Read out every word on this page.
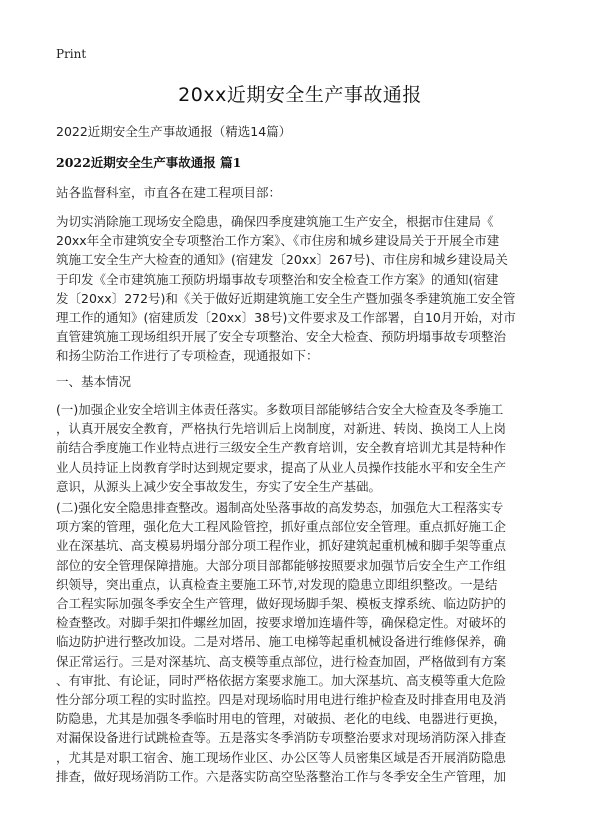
Print
20xx近期安全生产事故通报
2022近期安全生产事故通报（精选14篇）
2022近期安全生产事故通报 篇1
站各监督科室，市直各在建工程项目部：
为切实消除施工现场安全隐患，确保四季度建筑施工生产安全，根据市住建局《
20xx年全市建筑安全专项整治工作方案》、《市住房和城乡建设局关于开展全市建
筑施工安全生产大检查的通知》(宿建发〔20xx〕267号)、市住房和城乡建设局关
于印发《全市建筑施工预防坍塌事故专项整治和安全检查工作方案》的通知(宿建
发〔20xx〕272号)和《关于做好近期建筑施工安全生产暨加强冬季建筑施工安全管
理工作的通知》(宿建质发〔20xx〕38号)文件要求及工作部署，自10月开始，对市
直管建筑施工现场组织开展了安全专项整治、安全大检查、预防坍塌事故专项整治
和扬尘防治工作进行了专项检查，现通报如下：
一、基本情况
(一)加强企业安全培训主体责任落实。多数项目部能够结合安全大检查及冬季施工
，认真开展安全教育，严格执行先培训后上岗制度，对新进、转岗、换岗工人上岗
前结合季度施工作业特点进行三级安全生产教育培训，安全教育培训尤其是特种作
业人员持证上岗教育学时达到规定要求，提高了从业人员操作技能水平和安全生产
意识，从源头上减少安全事故发生，夯实了安全生产基础。
(二)强化安全隐患排查整改。遏制高处坠落事故的高发势态，加强危大工程落实专
项方案的管理，强化危大工程风险管控，抓好重点部位安全管理。重点抓好施工企
业在深基坑、高支模易坍塌分部分项工程作业，抓好建筑起重机械和脚手架等重点
部位的安全管理保障措施。大部分项目部都能够按照要求加强节后安全生产工作组
织领导，突出重点，认真检查主要施工环节,对发现的隐患立即组织整改。一是结
合工程实际加强冬季安全生产管理，做好现场脚手架、模板支撑系统、临边防护的
检查整改。对脚手架扣件螺丝加固，按要求增加连墙件等，确保稳定性。对破坏的
临边防护进行整改加设。二是对塔吊、施工电梯等起重机械设备进行维修保养，确
保正常运行。三是对深基坑、高支模等重点部位，进行检查加固，严格做到有方案
、有审批、有论证，同时严格依据方案要求施工。加大深基坑、高支模等重大危险
性分部分项工程的实时监控。四是对现场临时用电进行维护检查及时排查用电及消
防隐患，尤其是加强冬季临时用电的管理，对破损、老化的电线、电器进行更换，
对漏保设备进行试跳检查等。五是落实冬季消防专项整治要求对现场消防深入排查
，尤其是对职工宿舍、施工现场作业区、办公区等人员密集区域是否开展消防隐患
排查，做好现场消防工作。六是落实防高空坠落整治工作与冬季安全生产管理，加
